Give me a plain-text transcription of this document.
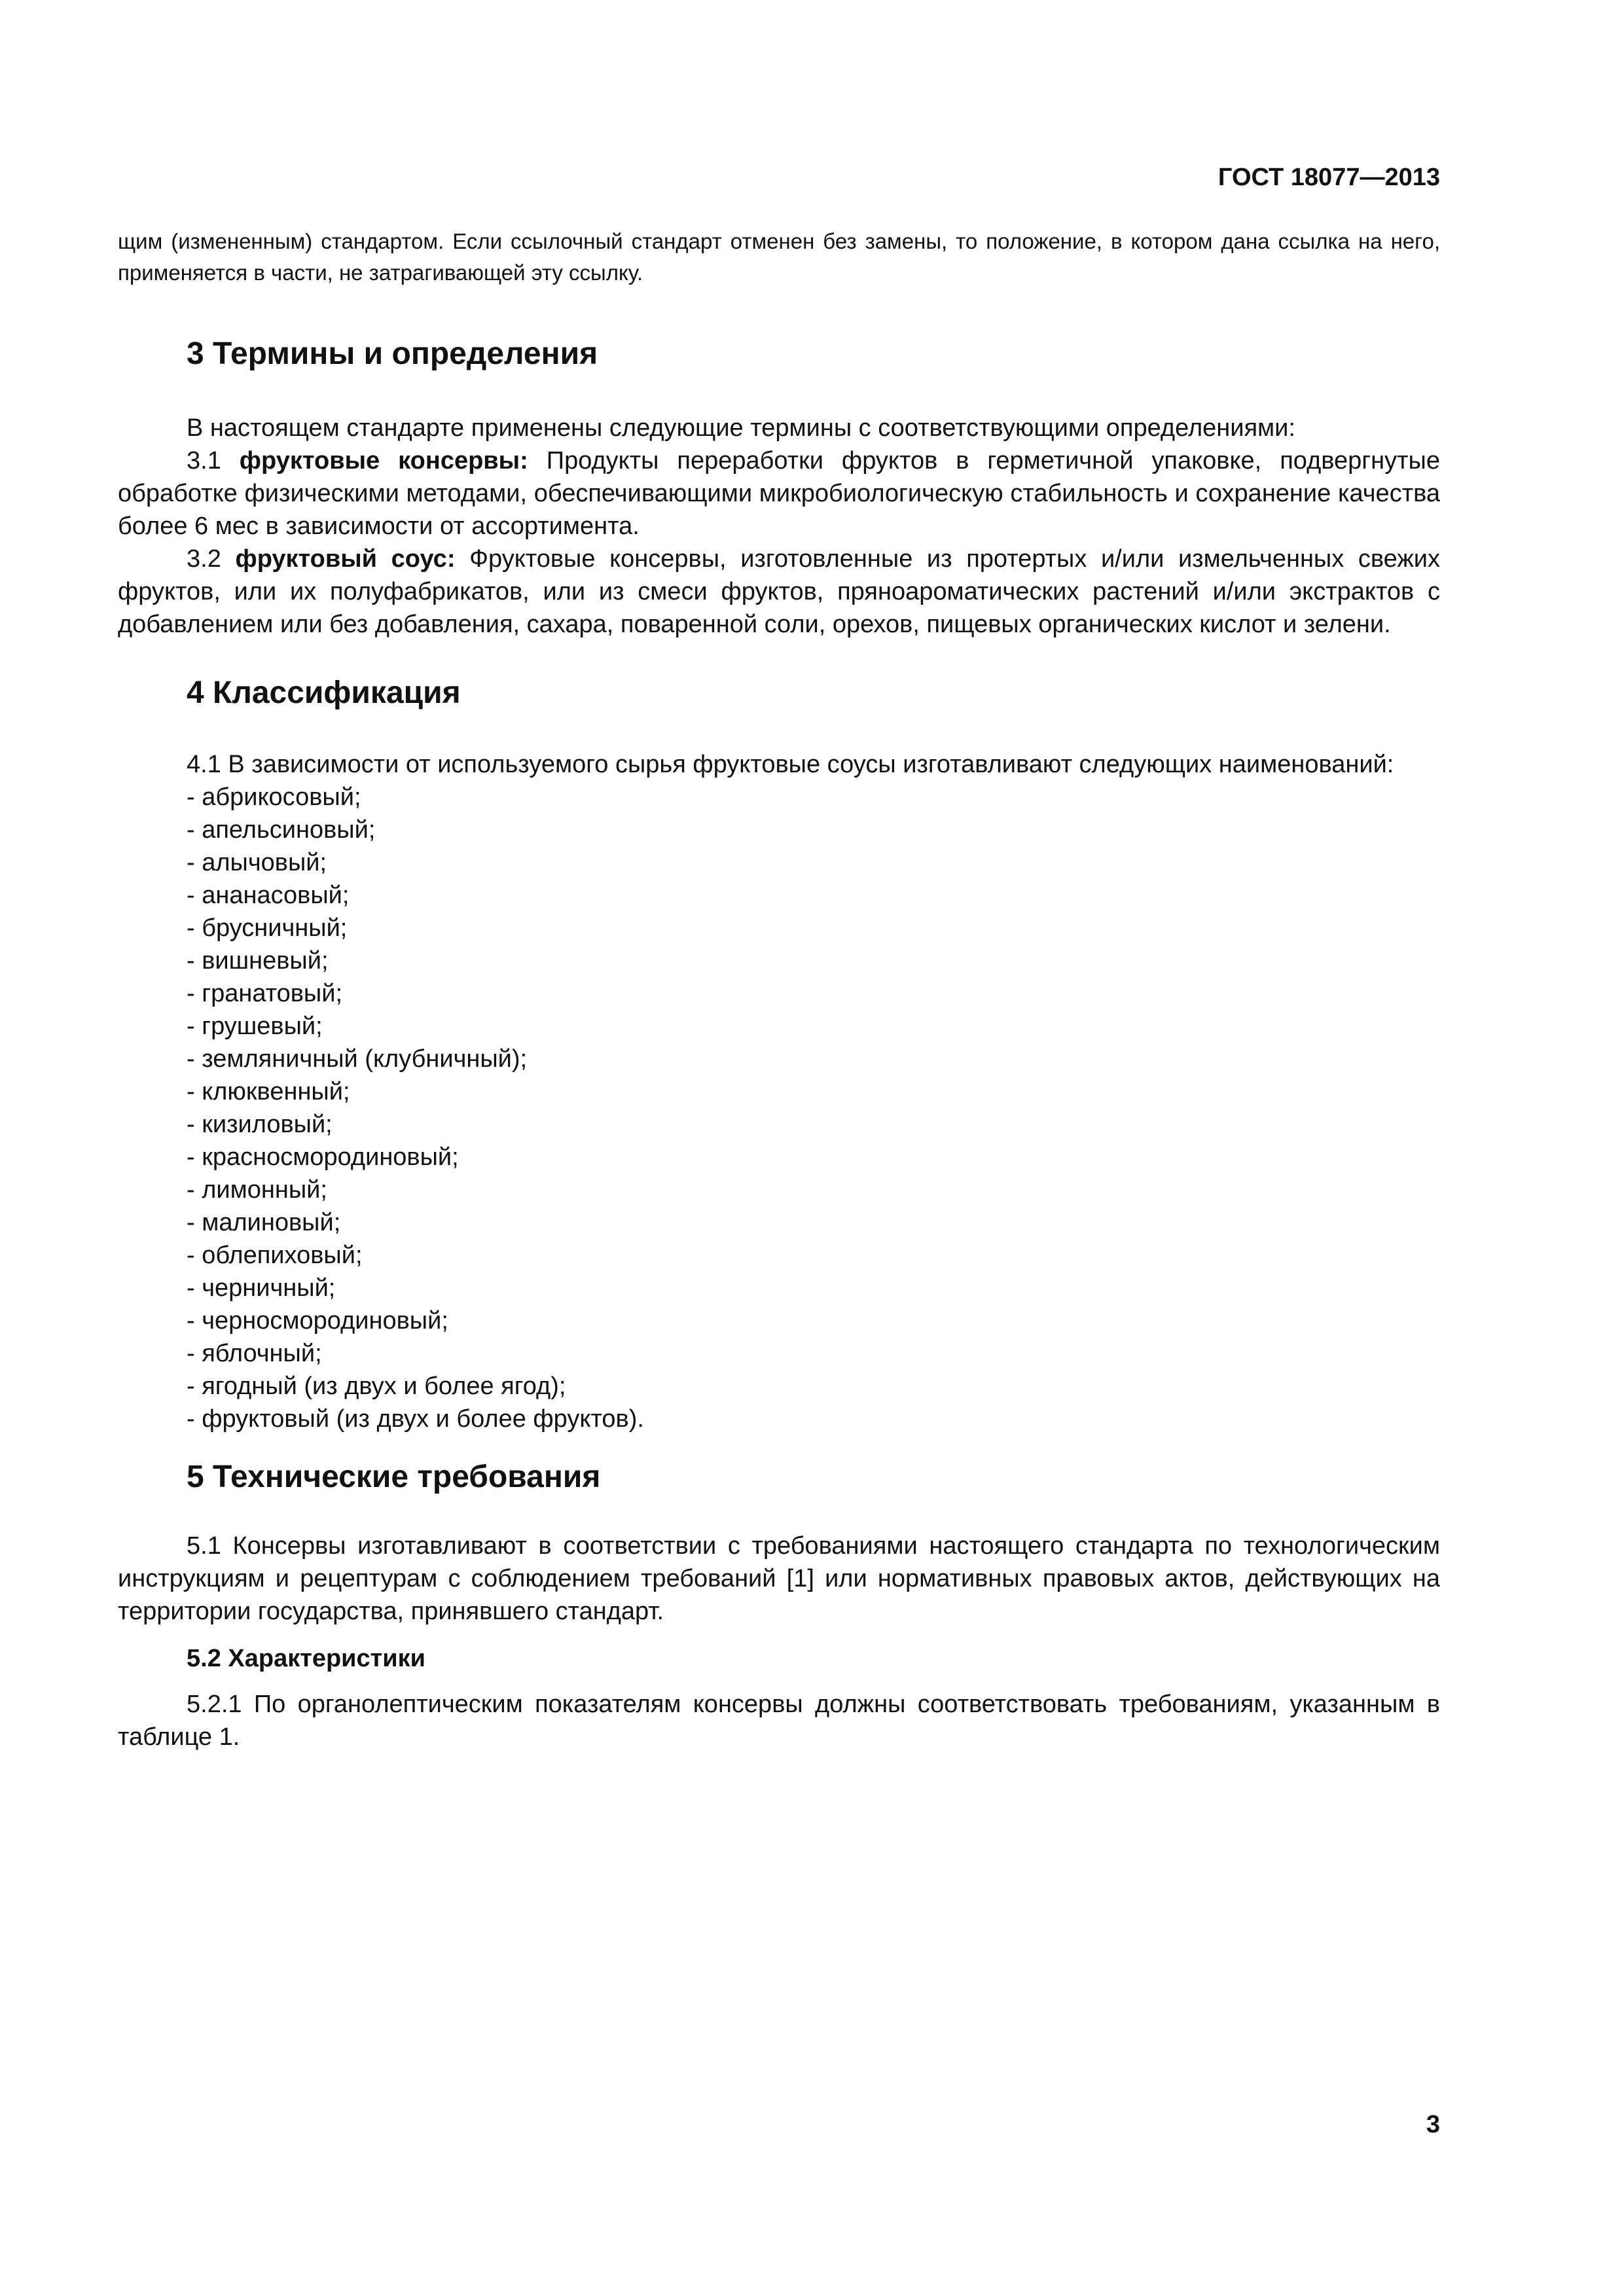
ГОСТ 18077—2013

щим (измененным) стандартом. Если ссылочный стандарт отменен без замены, то положение, в котором дана ссылка на него, применяется в части, не затрагивающей эту ссылку.

3 Термины и определения

В настоящем стандарте применены следующие термины с соответствующими определениями:

3.1 фруктовые консервы: Продукты переработки фруктов в герметичной упаковке, подвергнутые обработке физическими методами, обеспечивающими микробиологическую стабильность и сохранение качества более 6 мес в зависимости от ассортимента.

3.2 фруктовый соус: Фруктовые консервы, изготовленные из протертых и/или измельченных свежих фруктов, или их полуфабрикатов, или из смеси фруктов, пряноароматических растений и/или экстрактов с добавлением или без добавления, сахара, поваренной соли, орехов, пищевых органических кислот и зелени.

4 Классификация

4.1 В зависимости от используемого сырья фруктовые соусы изготавливают следующих наименований:

- абрикосовый;
- апельсиновый;
- алычовый;
- ананасовый;
- брусничный;
- вишневый;
- гранатовый;
- грушевый;
- земляничный (клубничный);
- клюквенный;
- кизиловый;
- красносмородиновый;
- лимонный;
- малиновый;
- облепиховый;
- черничный;
- черносмородиновый;
- яблочный;
- ягодный (из двух и более ягод);
- фруктовый (из двух и более фруктов).
5 Технические требования

5.1 Консервы изготавливают в соответствии с требованиями настоящего стандарта по технологическим инструкциям и рецептурам с соблюдением требований [1] или нормативных правовых актов, действующих на территории государства, принявшего стандарт.

5.2 Характеристики

5.2.1 По органолептическим показателям консервы должны соответствовать требованиям, указанным в таблице 1.

3
